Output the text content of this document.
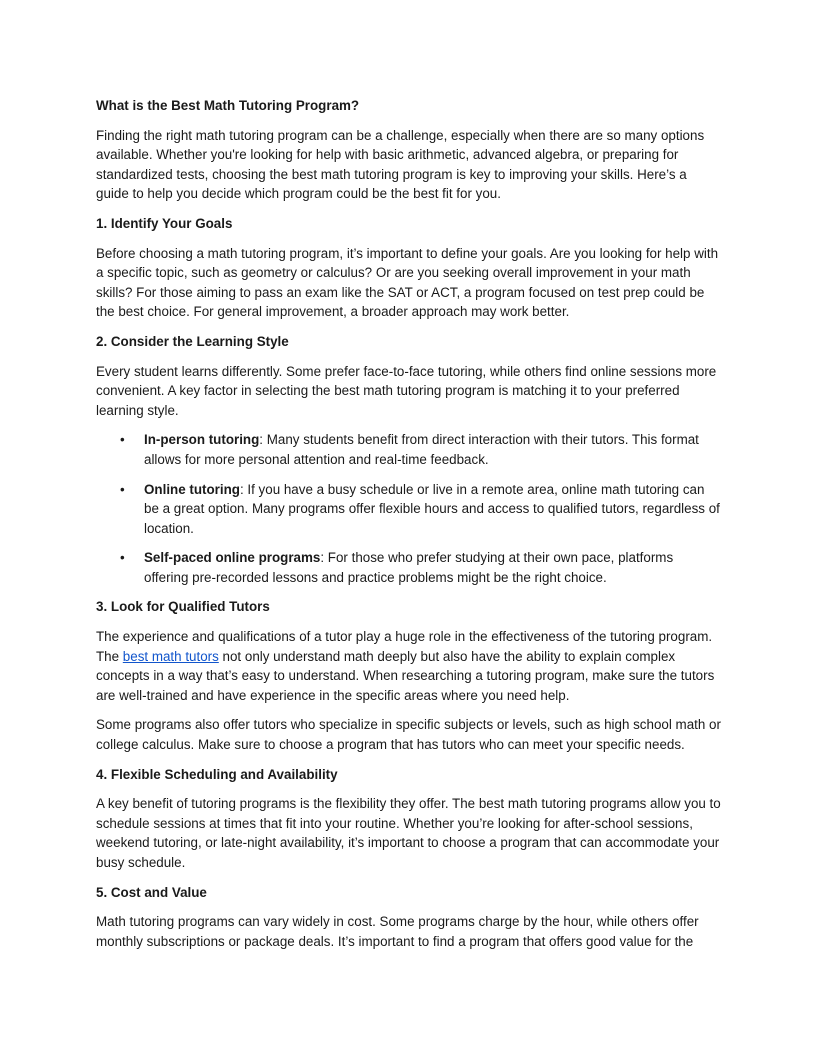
What is the Best Math Tutoring Program?

Finding the right math tutoring program can be a challenge, especially when there are so many options available. Whether you're looking for help with basic arithmetic, advanced algebra, or preparing for standardized tests, choosing the best math tutoring program is key to improving your skills. Here’s a guide to help you decide which program could be the best fit for you.

1. Identify Your Goals

Before choosing a math tutoring program, it’s important to define your goals. Are you looking for help with a specific topic, such as geometry or calculus? Or are you seeking overall improvement in your math skills? For those aiming to pass an exam like the SAT or ACT, a program focused on test prep could be the best choice. For general improvement, a broader approach may work better.

2. Consider the Learning Style

Every student learns differently. Some prefer face-to-face tutoring, while others find online sessions more convenient. A key factor in selecting the best math tutoring program is matching it to your preferred learning style.

• In-person tutoring: Many students benefit from direct interaction with their tutors. This format allows for more personal attention and real-time feedback.
• Online tutoring: If you have a busy schedule or live in a remote area, online math tutoring can be a great option. Many programs offer flexible hours and access to qualified tutors, regardless of location.
• Self-paced online programs: For those who prefer studying at their own pace, platforms offering pre-recorded lessons and practice problems might be the right choice.
3. Look for Qualified Tutors

The experience and qualifications of a tutor play a huge role in the effectiveness of the tutoring program. The best math tutors not only understand math deeply but also have the ability to explain complex concepts in a way that’s easy to understand. When researching a tutoring program, make sure the tutors are well-trained and have experience in the specific areas where you need help.

Some programs also offer tutors who specialize in specific subjects or levels, such as high school math or college calculus. Make sure to choose a program that has tutors who can meet your specific needs.

4. Flexible Scheduling and Availability

A key benefit of tutoring programs is the flexibility they offer. The best math tutoring programs allow you to schedule sessions at times that fit into your routine. Whether you’re looking for after-school sessions, weekend tutoring, or late-night availability, it’s important to choose a program that can accommodate your busy schedule.

5. Cost and Value

Math tutoring programs can vary widely in cost. Some programs charge by the hour, while others offer monthly subscriptions or package deals. It’s important to find a program that offers good value for the
